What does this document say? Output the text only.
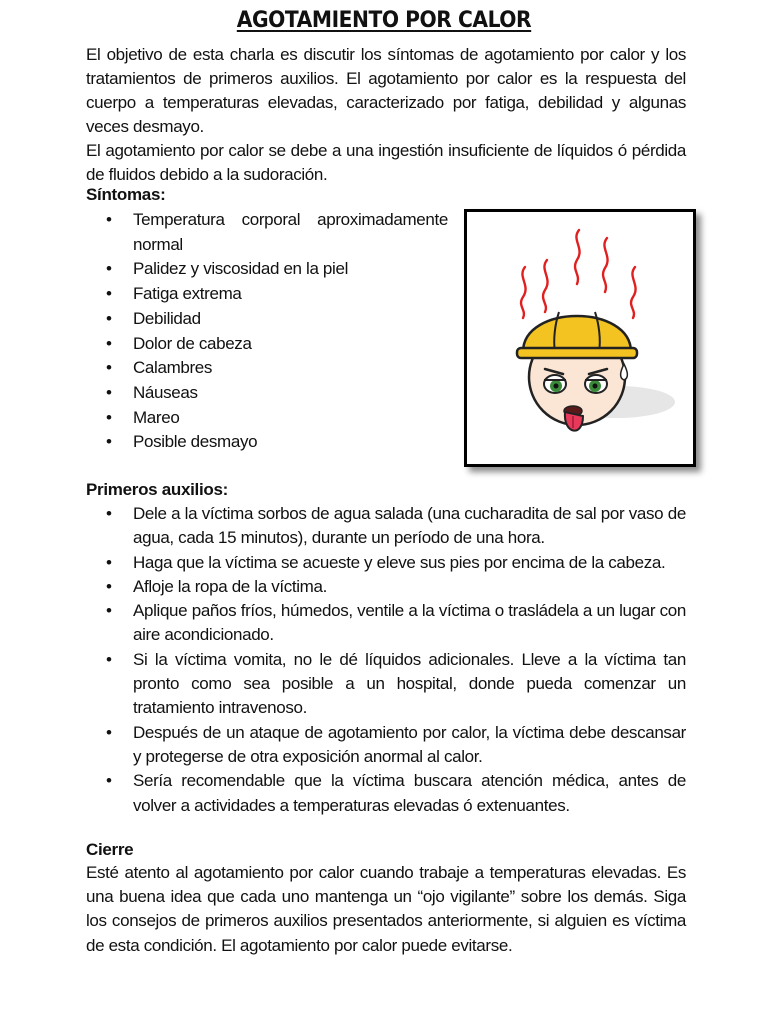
AGOTAMIENTO POR CALOR
El objetivo de esta charla es discutir los síntomas de agotamiento por calor y los tratamientos de primeros auxilios. El agotamiento por calor es la respuesta del cuerpo a temperaturas elevadas, caracterizado por fatiga, debilidad y algunas veces desmayo.
El agotamiento por calor se debe a una ingestión insuficiente de líquidos ó pérdida de fluidos debido a la sudoración.
Síntomas:
• Temperatura corporal aproximadamente normal
• Palidez y viscosidad en la piel
• Fatiga extrema
• Debilidad
• Dolor de cabeza
• Calambres
• Náuseas
• Mareo
• Posible desmayo
Primeros auxilios:
• Dele a la víctima sorbos de agua salada (una cucharadita de sal por vaso de agua, cada 15 minutos), durante un período de una hora.
• Haga que la víctima se acueste y eleve sus pies por encima de la cabeza.
• Afloje la ropa de la víctima.
• Aplique paños fríos, húmedos, ventile a la víctima o trasládela a un lugar con aire acondicionado.
• Si la víctima vomita, no le dé líquidos adicionales. Lleve a la víctima tan pronto como sea posible a un hospital, donde pueda comenzar un tratamiento intravenoso.
• Después de un ataque de agotamiento por calor, la víctima debe descansar y protegerse de otra exposición anormal al calor.
• Sería recomendable que la víctima buscara atención médica, antes de volver a actividades a temperaturas elevadas ó extenuantes.
Cierre
Esté atento al agotamiento por calor cuando trabaje a temperaturas elevadas. Es una buena idea que cada uno mantenga un “ojo vigilante” sobre los demás. Siga los consejos de primeros auxilios presentados anteriormente, si alguien es víctima de esta condición. El agotamiento por calor puede evitarse.
